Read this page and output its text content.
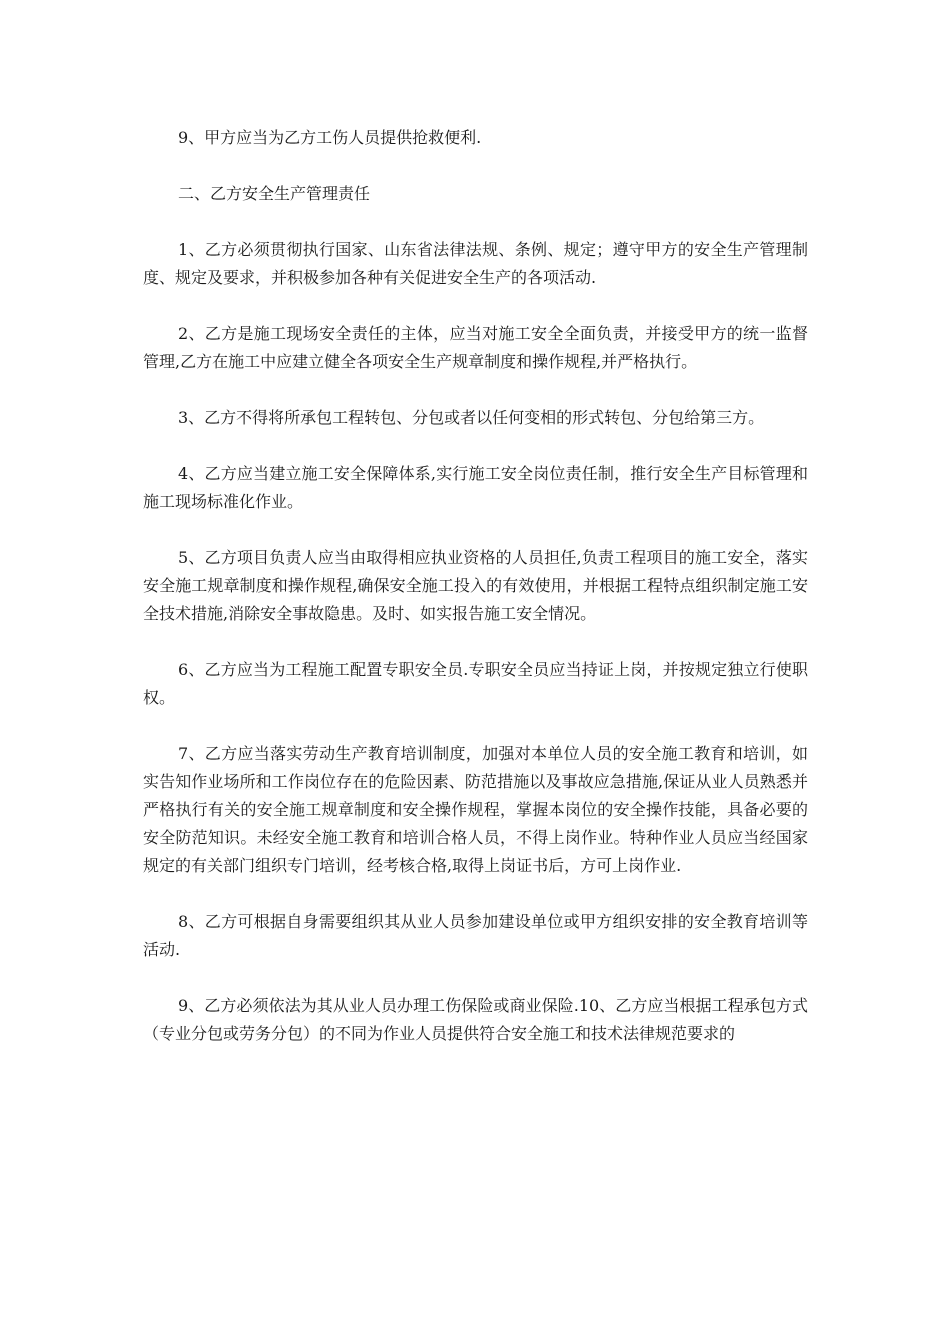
9、甲方应当为乙方工伤人员提供抢救便利.

二、乙方安全生产管理责任

1、乙方必须贯彻执行国家、山东省法律法规、条例、规定；遵守甲方的安全生产管理制度、规定及要求，并积极参加各种有关促进安全生产的各项活动.

2、乙方是施工现场安全责任的主体，应当对施工安全全面负责，并接受甲方的统一监督管理,乙方在施工中应建立健全各项安全生产规章制度和操作规程,并严格执行。

3、乙方不得将所承包工程转包、分包或者以任何变相的形式转包、分包给第三方。

4、乙方应当建立施工安全保障体系,实行施工安全岗位责任制，推行安全生产目标管理和施工现场标准化作业。

5、乙方项目负责人应当由取得相应执业资格的人员担任,负责工程项目的施工安全，落实安全施工规章制度和操作规程,确保安全施工投入的有效使用，并根据工程特点组织制定施工安全技术措施,消除安全事故隐患。及时、如实报告施工安全情况。

6、乙方应当为工程施工配置专职安全员.专职安全员应当持证上岗，并按规定独立行使职权。

7、乙方应当落实劳动生产教育培训制度，加强对本单位人员的安全施工教育和培训，如实告知作业场所和工作岗位存在的危险因素、防范措施以及事故应急措施,保证从业人员熟悉并严格执行有关的安全施工规章制度和安全操作规程，掌握本岗位的安全操作技能，具备必要的安全防范知识。未经安全施工教育和培训合格人员，不得上岗作业。特种作业人员应当经国家规定的有关部门组织专门培训，经考核合格,取得上岗证书后，方可上岗作业.

8、乙方可根据自身需要组织其从业人员参加建设单位或甲方组织安排的安全教育培训等活动.

9、乙方必须依法为其从业人员办理工伤保险或商业保险.10、乙方应当根据工程承包方式（专业分包或劳务分包）的不同为作业人员提供符合安全施工和技术法律规范要求的
